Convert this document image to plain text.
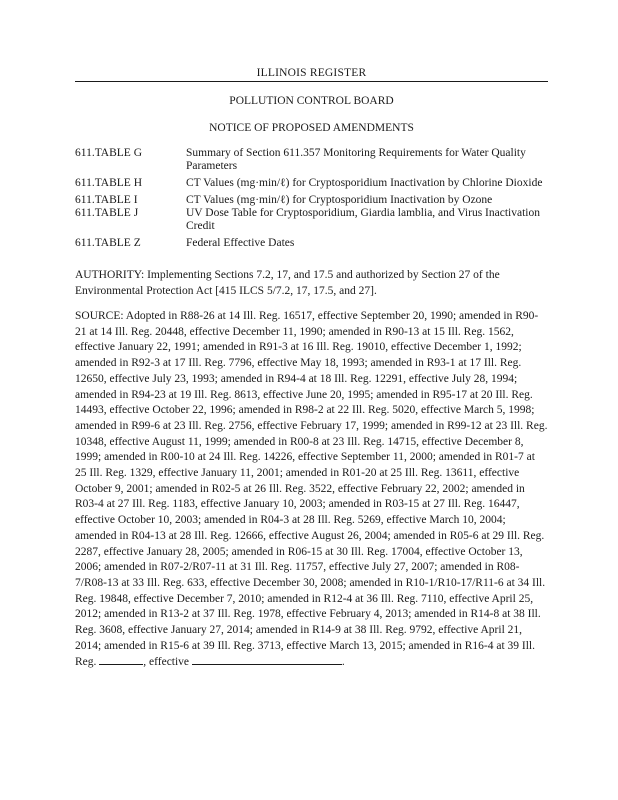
ILLINOIS REGISTER
POLLUTION CONTROL BOARD
NOTICE OF PROPOSED AMENDMENTS
611.TABLE G	Summary of Section 611.357 Monitoring Requirements for Water Quality Parameters
611.TABLE H	CT Values (mg·min/ℓ) for Cryptosporidium Inactivation by Chlorine Dioxide
611.TABLE I	CT Values (mg·min/ℓ) for Cryptosporidium Inactivation by Ozone
611.TABLE J	UV Dose Table for Cryptosporidium, Giardia lamblia, and Virus Inactivation Credit
611.TABLE Z	Federal Effective Dates
AUTHORITY: Implementing Sections 7.2, 17, and 17.5 and authorized by Section 27 of the Environmental Protection Act [415 ILCS 5/7.2, 17, 17.5, and 27].
SOURCE: Adopted in R88-26 at 14 Ill. Reg. 16517, effective September 20, 1990; amended in R90-21 at 14 Ill. Reg. 20448, effective December 11, 1990; amended in R90-13 at 15 Ill. Reg. 1562, effective January 22, 1991; amended in R91-3 at 16 Ill. Reg. 19010, effective December 1, 1992; amended in R92-3 at 17 Ill. Reg. 7796, effective May 18, 1993; amended in R93-1 at 17 Ill. Reg. 12650, effective July 23, 1993; amended in R94-4 at 18 Ill. Reg. 12291, effective July 28, 1994; amended in R94-23 at 19 Ill. Reg. 8613, effective June 20, 1995; amended in R95-17 at 20 Ill. Reg. 14493, effective October 22, 1996; amended in R98-2 at 22 Ill. Reg. 5020, effective March 5, 1998; amended in R99-6 at 23 Ill. Reg. 2756, effective February 17, 1999; amended in R99-12 at 23 Ill. Reg. 10348, effective August 11, 1999; amended in R00-8 at 23 Ill. Reg. 14715, effective December 8, 1999; amended in R00-10 at 24 Ill. Reg. 14226, effective September 11, 2000; amended in R01-7 at 25 Ill. Reg. 1329, effective January 11, 2001; amended in R01-20 at 25 Ill. Reg. 13611, effective October 9, 2001; amended in R02-5 at 26 Ill. Reg. 3522, effective February 22, 2002; amended in R03-4 at 27 Ill. Reg. 1183, effective January 10, 2003; amended in R03-15 at 27 Ill. Reg. 16447, effective October 10, 2003; amended in R04-3 at 28 Ill. Reg. 5269, effective March 10, 2004; amended in R04-13 at 28 Ill. Reg. 12666, effective August 26, 2004; amended in R05-6 at 29 Ill. Reg. 2287, effective January 28, 2005; amended in R06-15 at 30 Ill. Reg. 17004, effective October 13, 2006; amended in R07-2/R07-11 at 31 Ill. Reg. 11757, effective July 27, 2007; amended in R08-7/R08-13 at 33 Ill. Reg. 633, effective December 30, 2008; amended in R10-1/R10-17/R11-6 at 34 Ill. Reg. 19848, effective December 7, 2010; amended in R12-4 at 36 Ill. Reg. 7110, effective April 25, 2012; amended in R13-2 at 37 Ill. Reg. 1978, effective February 4, 2013; amended in R14-8 at 38 Ill. Reg. 3608, effective January 27, 2014; amended in R14-9 at 38 Ill. Reg. 9792, effective April 21, 2014; amended in R15-6 at 39 Ill. Reg. 3713, effective March 13, 2015; amended in R16-4 at 39 Ill. Reg.	, effective	.
